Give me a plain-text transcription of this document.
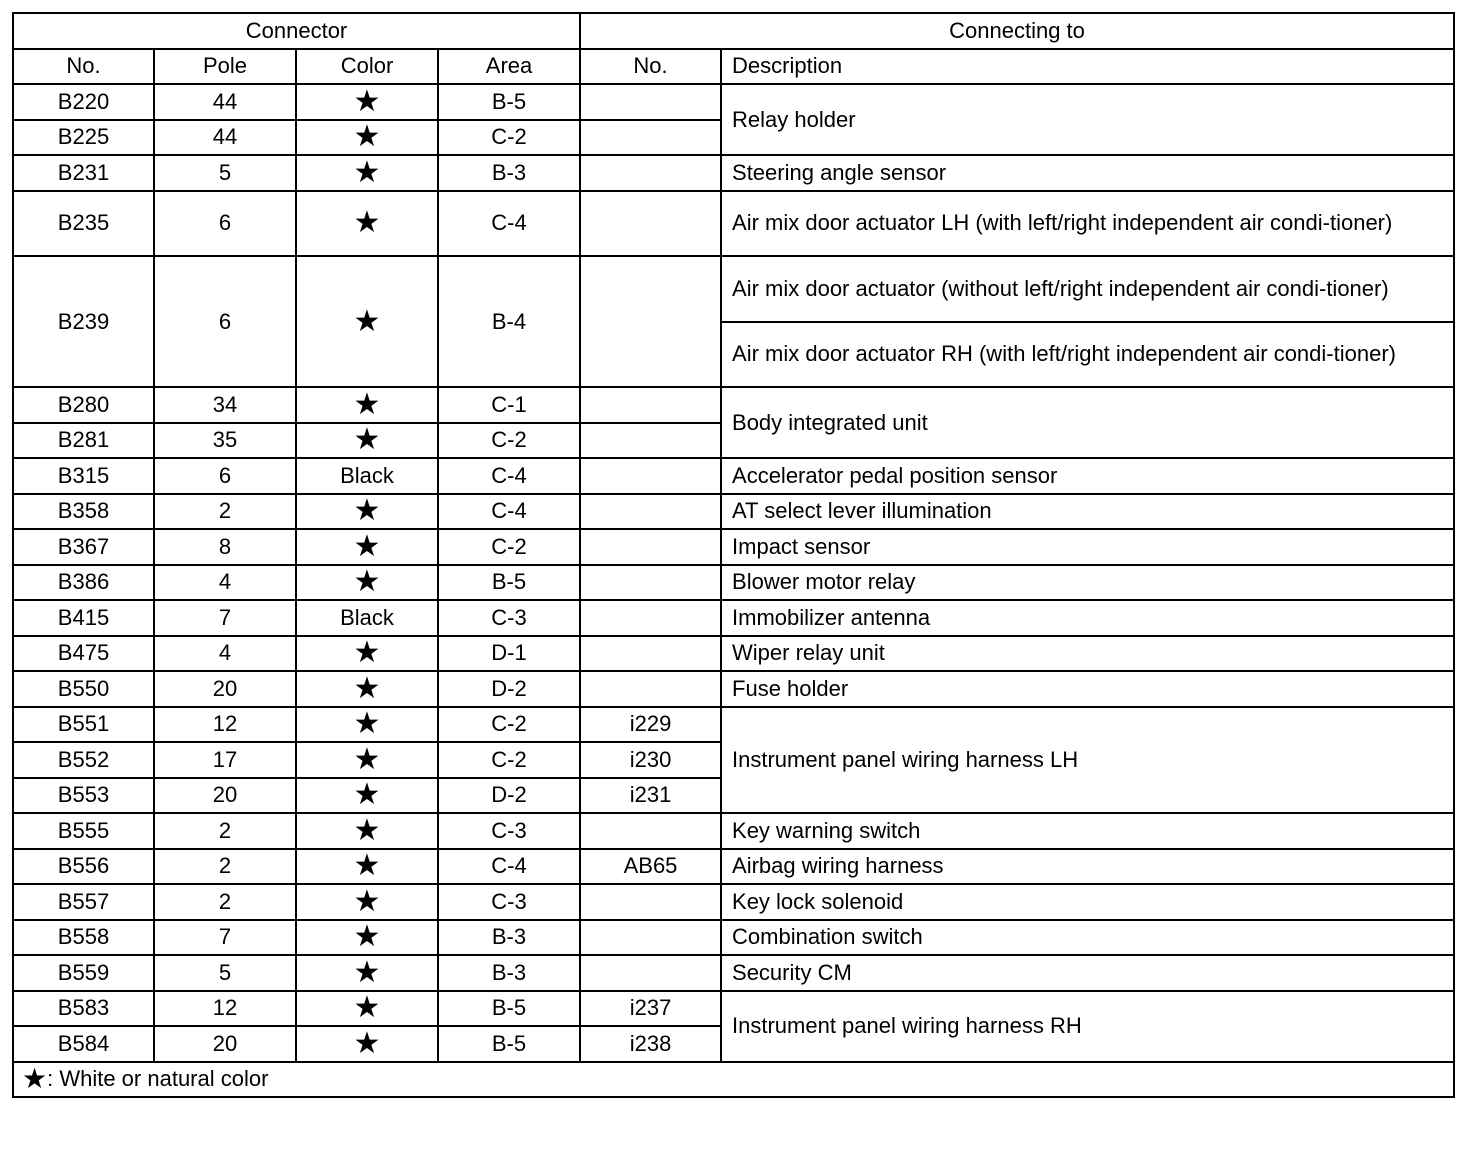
Connector				Connecting to	
No.	Pole	Color	Area	No.	Description
B220	44	★	B-5		Relay holder
B225	44	★	C-2		
B231	5	★	B-3		Steering angle sensor
B235	6	★	C-4		Air mix door actuator LH (with left/right independent air condi-tioner)
B239	6	★	B-4		Air mix door actuator (without left/right independent air condi-tioner)
					Air mix door actuator RH (with left/right independent air condi-tioner)
B280	34	★	C-1		Body integrated unit
B281	35	★	C-2		
B315	6	Black	C-4		Accelerator pedal position sensor
B358	2	★	C-4		AT select lever illumination
B367	8	★	C-2		Impact sensor
B386	4	★	B-5		Blower motor relay
B415	7	Black	C-3		Immobilizer antenna
B475	4	★	D-1		Wiper relay unit
B550	20	★	D-2		Fuse holder
B551	12	★	C-2	i229	Instrument panel wiring harness LH
B552	17	★	C-2	i230	
B553	20	★	D-2	i231	
B555	2	★	C-3		Key warning switch
B556	2	★	C-4	AB65	Airbag wiring harness
B557	2	★	C-3		Key lock solenoid
B558	7	★	B-3		Combination switch
B559	5	★	B-3		Security CM
B583	12	★	B-5	i237	Instrument panel wiring harness RH
B584	20	★	B-5	i238	
★: White or natural color					
